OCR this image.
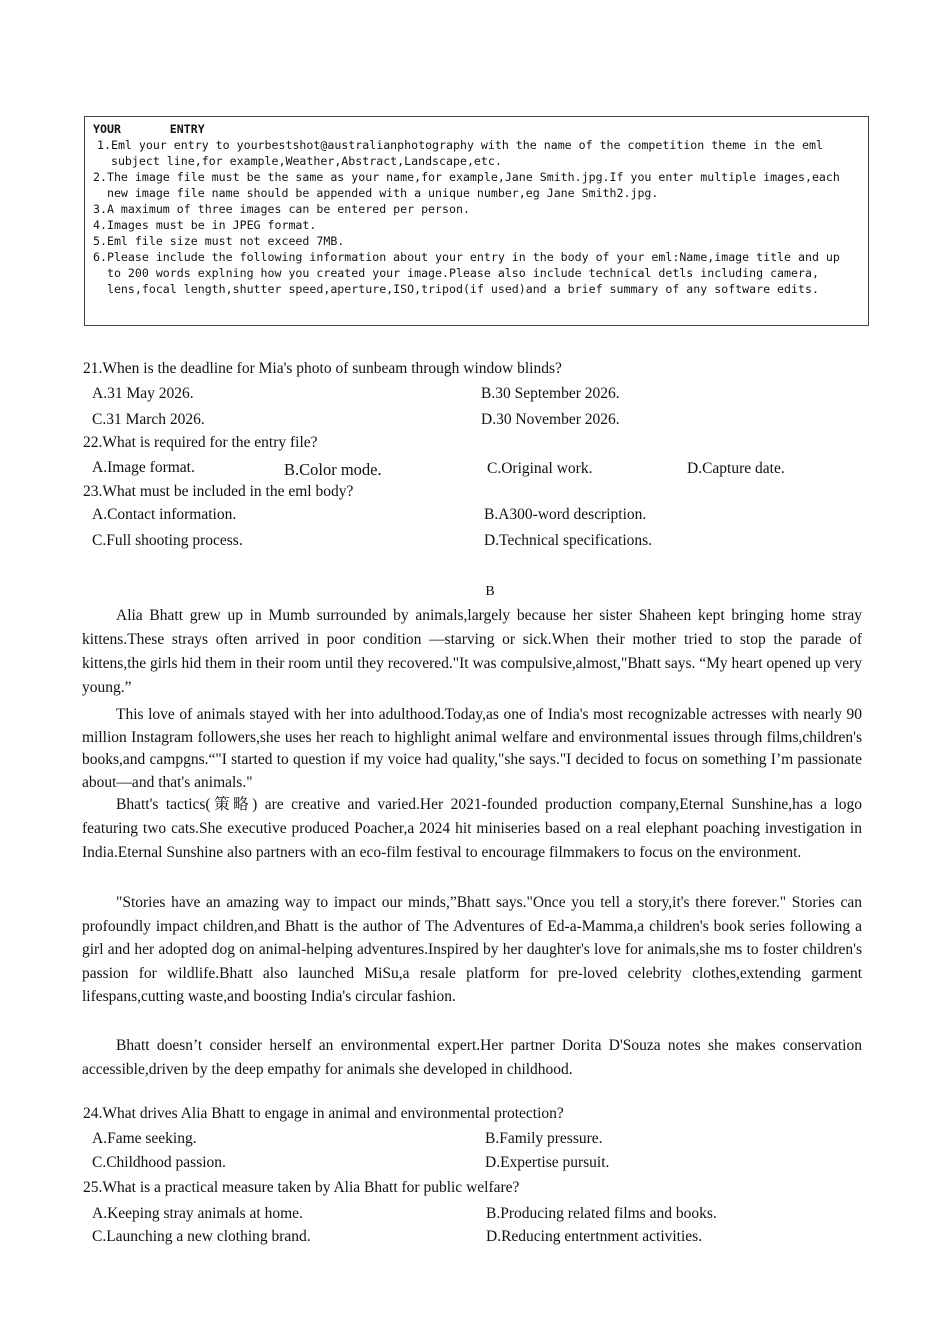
YOUR       ENTRY
1. Eml your entry to yourbestshot@australianphotography with the name of the competition theme in the eml subject line,for example,Weather,Abstract,Landscape,etc.
2. The image file must be the same as your name,for example,Jane Smith.jpg.If you enter multiple images,each new image file name should be appended with a unique number,eg Jane Smith2.jpg.
3. A maximum of three images can be entered per person.
4. Images must be in JPEG format.
5. Eml file size must not exceed 7MB.
6. Please include the following information about your entry in the body of your eml:Name,image title and up to 200 words explning how you created your image.Please also include technical detls including camera, lens,focal length,shutter speed,aperture,ISO,tripod(if used)and a brief summary of any software edits.
21.When is the deadline for Mia's photo of sunbeam through window blinds?
A.31 May 2026.	B.30 September 2026.
C.31 March 2026.	D.30 November 2026.
22.What is required for the entry file?
A.Image format.	B.Color mode.	C.Original work.	D.Capture date.
23.What must be included in the eml body?
A.Contact information.	B.A300-word description.
C.Full shooting process.	D.Technical specifications.
B
Alia Bhatt grew up in Mumb surrounded by animals,largely because her sister Shaheen kept bringing home stray kittens.These strays often arrived in poor condition —starving or sick.When their mother tried to stop the parade of kittens,the girls hid them in their room until they recovered."It was compulsive,almost,"Bhatt says. “My heart opened up very young.”
This love of animals stayed with her into adulthood.Today,as one of India's most recognizable actresses with nearly 90 million Instagram followers,she uses her reach to highlight animal welfare and environmental issues through films,children's books,and campgns.“"I started to question if my voice had quality,"she says."I decided to focus on something I’m passionate about—and that's animals."
Bhatt's tactics(策略) are creative and varied.Her 2021-founded production company,Eternal Sunshine,has a logo featuring two cats.She executive produced Poacher,a 2024 hit miniseries based on a real elephant poaching investigation in India.Eternal Sunshine also partners with an eco-film festival to encourage filmmakers to focus on the environment.
"Stories have an amazing way to impact our minds,”Bhatt says."Once you tell a story,it's there forever." Stories can profoundly impact children,and Bhatt is the author of The Adventures of Ed-a-Mamma,a children's book series following a girl and her adopted dog on animal-helping adventures.Inspired by her daughter's love for animals,she ms to foster children's passion for wildlife.Bhatt also launched MiSu,a resale platform for pre-loved celebrity clothes,extending garment lifespans,cutting waste,and boosting India's circular fashion.
Bhatt doesn’t consider herself an environmental expert.Her partner Dorita D'Souza notes she makes conservation accessible,driven by the deep empathy for animals she developed in childhood.
24.What drives Alia Bhatt to engage in animal and environmental protection?
A.Fame seeking.	B.Family pressure.
C.Childhood passion.	D.Expertise pursuit.
25.What is a practical measure taken by Alia Bhatt for public welfare?
A.Keeping stray animals at home.	B.Producing related films and books.
C.Launching a new clothing brand.	D.Reducing entertnment activities.
